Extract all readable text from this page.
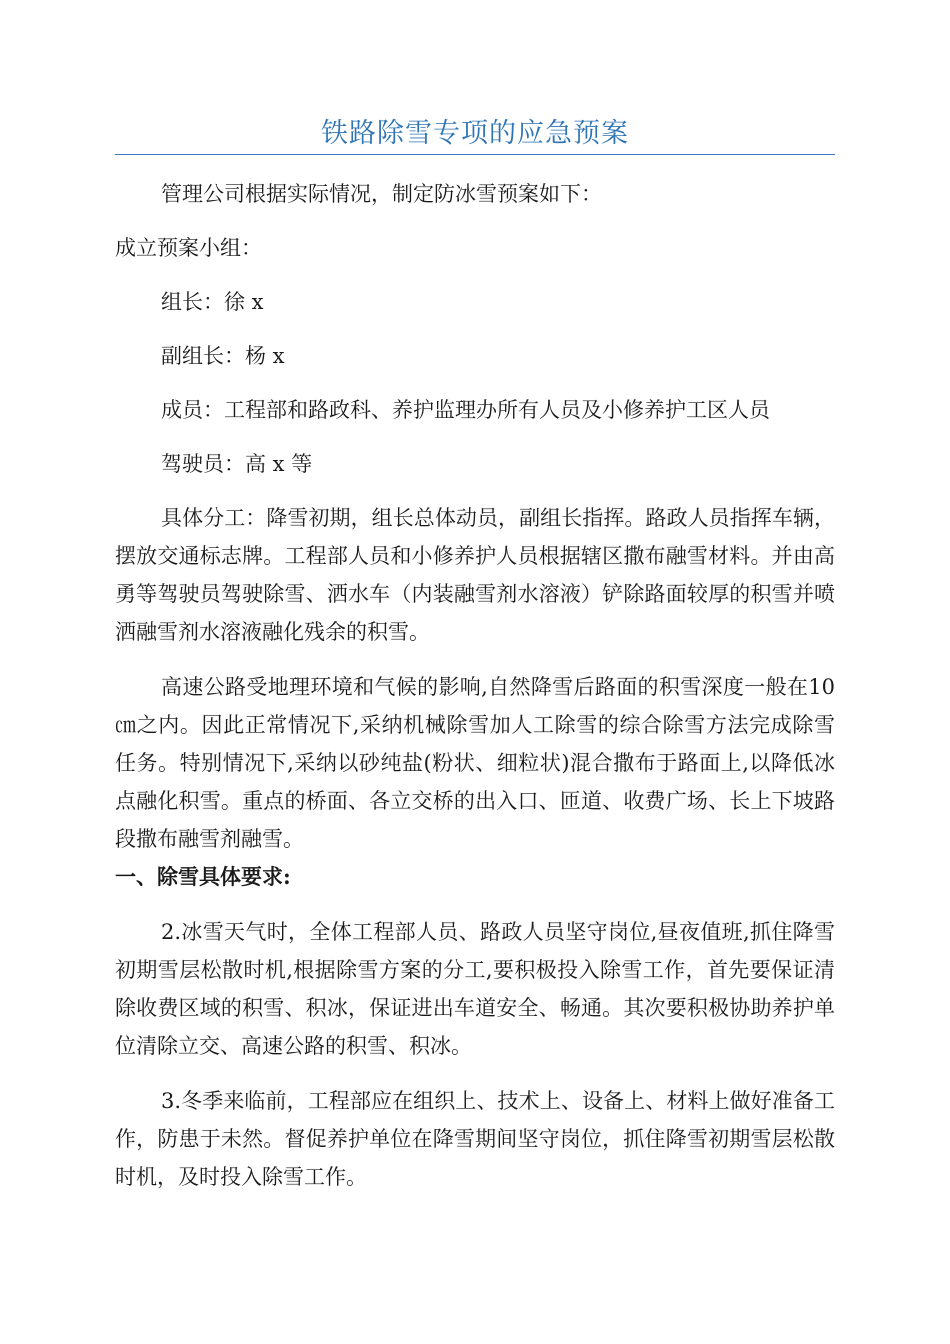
铁路除雪专项的应急预案

管理公司根据实际情况，制定防冰雪预案如下：

成立预案小组：

组长：徐 x

副组长：杨 x

成员：工程部和路政科、养护监理办所有人员及小修养护工区人员

驾驶员：高 x 等

具体分工：降雪初期，组长总体动员，副组长指挥。路政人员指挥车辆，摆放交通标志牌。工程部人员和小修养护人员根据辖区撒布融雪材料。并由高勇等驾驶员驾驶除雪、洒水车（内装融雪剂水溶液）铲除路面较厚的积雪并喷洒融雪剂水溶液融化残余的积雪。

高速公路受地理环境和气候的影响,自然降雪后路面的积雪深度一般在10㎝之内。因此正常情况下,采纳机械除雪加人工除雪的综合除雪方法完成除雪任务。特别情况下,采纳以砂纯盐(粉状、细粒状)混合撒布于路面上,以降低冰点融化积雪。重点的桥面、各立交桥的出入口、匝道、收费广场、长上下坡路段撒布融雪剂融雪。

一、除雪具体要求:

2.冰雪天气时，全体工程部人员、路政人员坚守岗位,昼夜值班,抓住降雪初期雪层松散时机,根据除雪方案的分工,要积极投入除雪工作，首先要保证清除收费区域的积雪、积冰，保证进出车道安全、畅通。其次要积极协助养护单位清除立交、高速公路的积雪、积冰。

3.冬季来临前，工程部应在组织上、技术上、设备上、材料上做好准备工作，防患于未然。督促养护单位在降雪期间坚守岗位，抓住降雪初期雪层松散时机，及时投入除雪工作。
